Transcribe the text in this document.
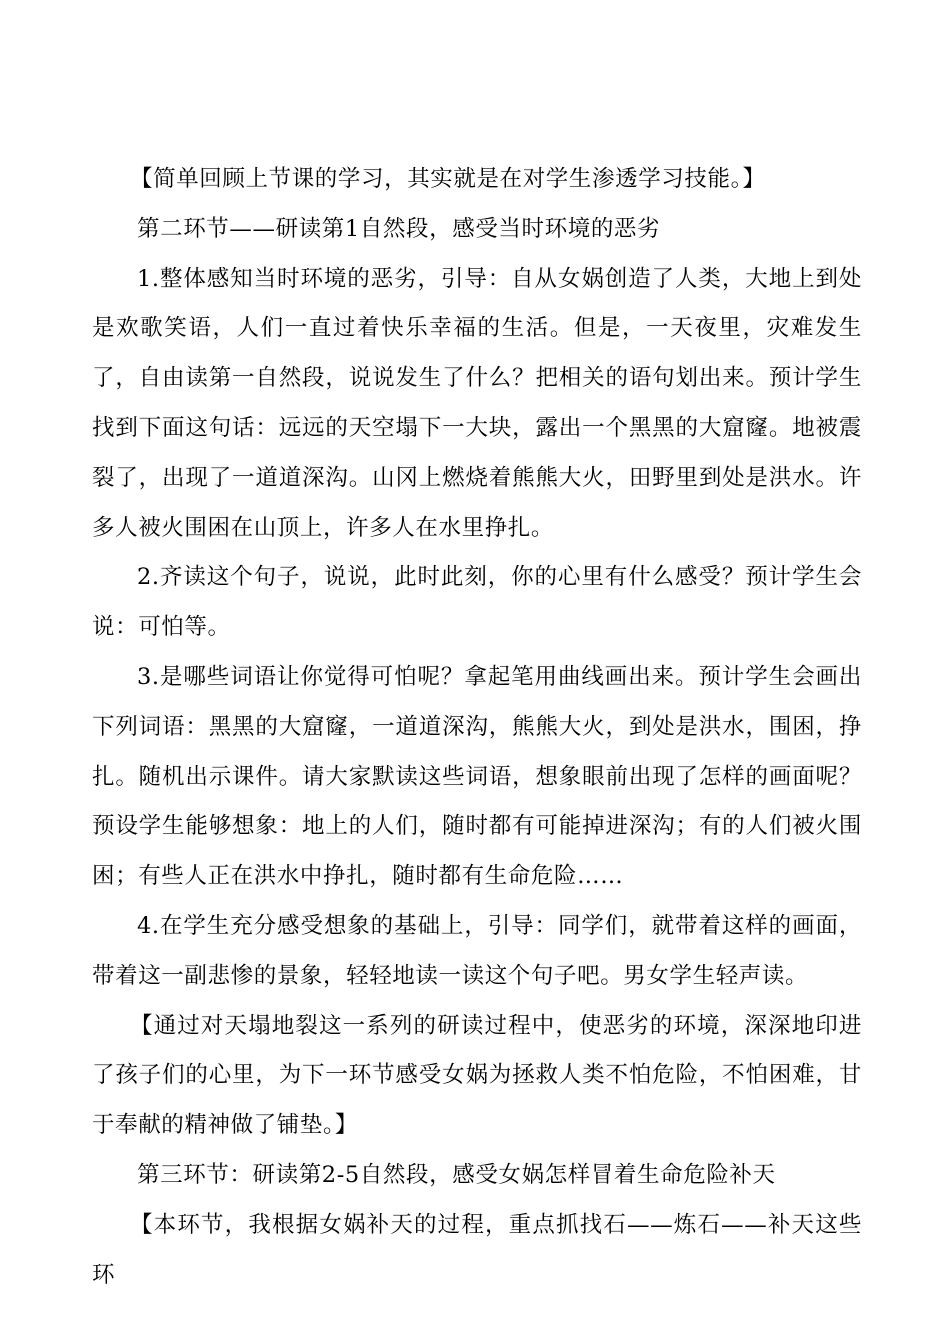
【简单回顾上节课的学习，其实就是在对学生渗透学习技能。】

第二环节——研读第1自然段，感受当时环境的恶劣

1.整体感知当时环境的恶劣，引导：自从女娲创造了人类，大地上到处是欢歌笑语，人们一直过着快乐幸福的生活。但是，一天夜里，灾难发生了，自由读第一自然段，说说发生了什么？把相关的语句划出来。预计学生找到下面这句话：远远的天空塌下一大块，露出一个黑黑的大窟窿。地被震裂了，出现了一道道深沟。山冈上燃烧着熊熊大火，田野里到处是洪水。许多人被火围困在山顶上，许多人在水里挣扎。

2.齐读这个句子，说说，此时此刻，你的心里有什么感受？预计学生会说：可怕等。

3.是哪些词语让你觉得可怕呢？拿起笔用曲线画出来。预计学生会画出下列词语：黑黑的大窟窿，一道道深沟，熊熊大火，到处是洪水，围困，挣扎。随机出示课件。请大家默读这些词语，想象眼前出现了怎样的画面呢？预设学生能够想象：地上的人们，随时都有可能掉进深沟；有的人们被火围困；有些人正在洪水中挣扎，随时都有生命危险……

4.在学生充分感受想象的基础上，引导：同学们，就带着这样的画面，带着这一副悲惨的景象，轻轻地读一读这个句子吧。男女学生轻声读。

【通过对天塌地裂这一系列的研读过程中，使恶劣的环境，深深地印进了孩子们的心里，为下一环节感受女娲为拯救人类不怕危险，不怕困难，甘于奉献的精神做了铺垫。】

第三环节：研读第2-5自然段，感受女娲怎样冒着生命危险补天

【本环节，我根据女娲补天的过程，重点抓找石——炼石——补天这些环
